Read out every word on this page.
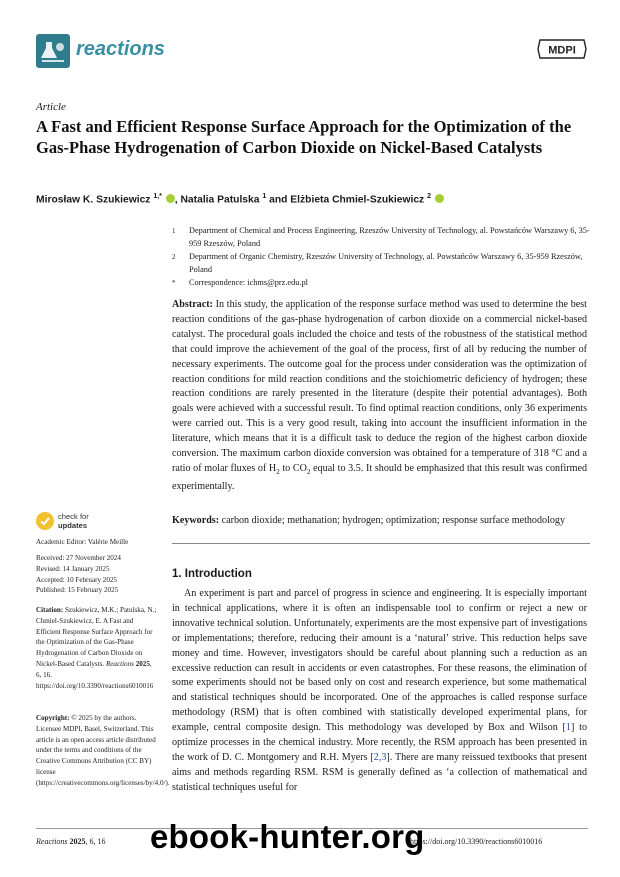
reactions	MDPI
Article
A Fast and Efficient Response Surface Approach for the Optimization of the Gas-Phase Hydrogenation of Carbon Dioxide on Nickel-Based Catalysts
Mirosław K. Szukiewicz $^{1,*}$ , Natalia Patulska $^1$ and Elżbieta Chmiel-Szukiewicz $^2$
1	Department of Chemical and Process Engineering, Rzeszów University of Technology, al. Powstańców Warszawy 6, 35-959 Rzeszów, Poland
2	Department of Organic Chemistry, Rzeszów University of Technology, al. Powstańców Warszawy 6, 35-959 Rzeszów, Poland
*	Correspondence: ichms@prz.edu.pl
Abstract: In this study, the application of the response surface method was used to determine the best reaction conditions of the gas-phase hydrogenation of carbon dioxide on a commercial nickel-based catalyst. The procedural goals included the choice and tests of the robustness of the statistical method that could improve the achievement of the goal of the process, first of all by reducing the number of necessary experiments. The outcome goal for the process under consideration was the optimization of reaction conditions for mild reaction conditions and the stoichiometric deficiency of hydrogen; these reaction conditions are rarely presented in the literature (despite their potential advantages). Both goals were achieved with a successful result. To find optimal reaction conditions, only 36 experiments were carried out. This is a very good result, taking into account the insufficient information in the literature, which means that it is a difficult task to deduce the region of the highest carbon dioxide conversion. The maximum carbon dioxide conversion was obtained for a temperature of 318 °C and a ratio of molar fluxes of $H_2$ to $CO_2$ equal to 3.5. It should be emphasized that this result was confirmed experimentally.
Keywords: carbon dioxide; methanation; hydrogen; optimization; response surface methodology
1. Introduction
An experiment is part and parcel of progress in science and engineering. It is especially important in technical applications, where it is often an indispensable tool to confirm or reject a new or innovative technical solution. Unfortunately, experiments are the most expensive part of investigations or implementations; therefore, reducing their amount is a ‘natural’ strive. This reduction helps save money and time. However, investigators should be careful about planning such a reduction as an excessive reduction can result in accidents or even catastrophes. For these reasons, the elimination of some experiments should not be based only on cost and research experience, but some mathematical and statistical techniques should be incorporated. One of the approaches is called response surface methodology (RSM) that is often combined with statistically developed experimental plans, for example, central composite design. This methodology was developed by Box and Wilson [1] to optimize processes in the chemical industry. More recently, the RSM approach has been presented in the work of D. C. Montgomery and R.H. Myers [2,3]. There are many reissued textbooks that present aims and methods regarding RSM. RSM is generally defined as ‘a collection of mathematical and statistical techniques useful for
check for
updates
Academic Editor: Valérie Meille
Received: 27 November 2024
Revised: 14 January 2025
Accepted: 10 February 2025
Published: 15 February 2025
Citation: Szukiewicz, M.K.; Patulska, N.; Chmiel-Szukiewicz, E. A Fast and Efficient Response Surface Approach for the Optimization of the Gas-Phase Hydrogenation of Carbon Dioxide on Nickel-Based Catalysts. Reactions 2025, 6, 16. https://doi.org/10.3390/reactions6010016
Copyright: © 2025 by the authors. Licensee MDPI, Basel, Switzerland. This article is an open access article distributed under the terms and conditions of the Creative Commons Attribution (CC BY) license (https://creativecommons.org/licenses/by/4.0/).
Reactions 2025, 6, 16	https://doi.org/10.3390/reactions6010016
ebook-hunter.org
